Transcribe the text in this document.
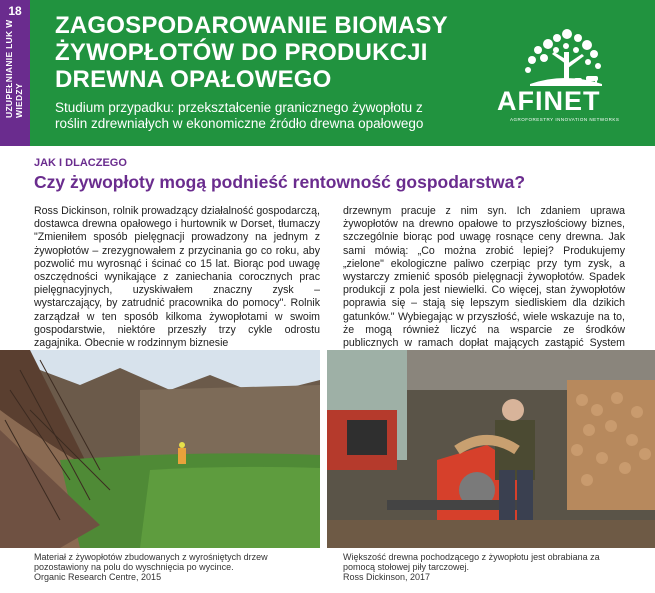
18
UZUPEŁNIANIE LUK W WIEDZY
ZAGOSPODAROWANIE BIOMASY ŻYWOPŁOTÓW DO PRODUKCJI DREWNA OPAŁOWEGO
Studium przypadku: przekształcenie granicznego żywopłotu z roślin zdrewniałych w ekonomiczne źródło drewna opałowego
AFINET
AGROFORESTRY INNOVATION NETWORKS
JAK I DLACZEGO
Czy żywopłoty mogą podnieść rentowność gospodarstwa?
Ross Dickinson, rolnik prowadzący działalność gospodarczą, dostawca drewna opałowego i hurtownik w Dorset, tłumaczy "Zmieniłem sposób pielęgnacji prowadzony na jednym z żywopłotów – zrezygnowałem z przycinania go co roku, aby pozwolić mu wyrosnąć i ścinać co 15 lat. Biorąc pod uwagę oszczędności wynikające z zaniechania corocznych prac pielęgnacyjnych, uzyskiwałem znaczny zysk – wystarczający, by zatrudnić pracownika do pomocy". Rolnik zarządzał w ten sposób kilkoma żywopłotami w swoim gospodarstwie, niektóre przeszły trzy cykle odrostu zagajnika. Obecnie w rodzinnym biznesie
drzewnym pracuje z nim syn. Ich zdaniem uprawa żywopłotów na drewno opałowe to przyszłościowy biznes, szczególnie biorąc pod uwagę rosnące ceny drewna. Jak sami mówią: „Co można zrobić lepiej? Produkujemy „zielone" ekologiczne paliwo czerpiąc przy tym zysk, a wystarczy zmienić sposób pielęgnacji żywopłotów. Spadek produkcji z pola jest niewielki. Co więcej, stan żywopłotów poprawia się – stają się lepszym siedliskiem dla dzikich gatunków." Wybiegając w przyszłość, wiele wskazuje na to, że mogą również liczyć na wsparcie ze środków publicznych w ramach dopłat mających zastąpić System
Materiał z żywopłotów zbudowanych z wyrośniętych drzew pozostawiony na polu do wyschnięcia po wycince.
Organic Research Centre, 2015
Większość drewna pochodzącego z żywopłotu jest obrabiana za pomocą stołowej piły tarczowej.
Ross Dickinson, 2017
